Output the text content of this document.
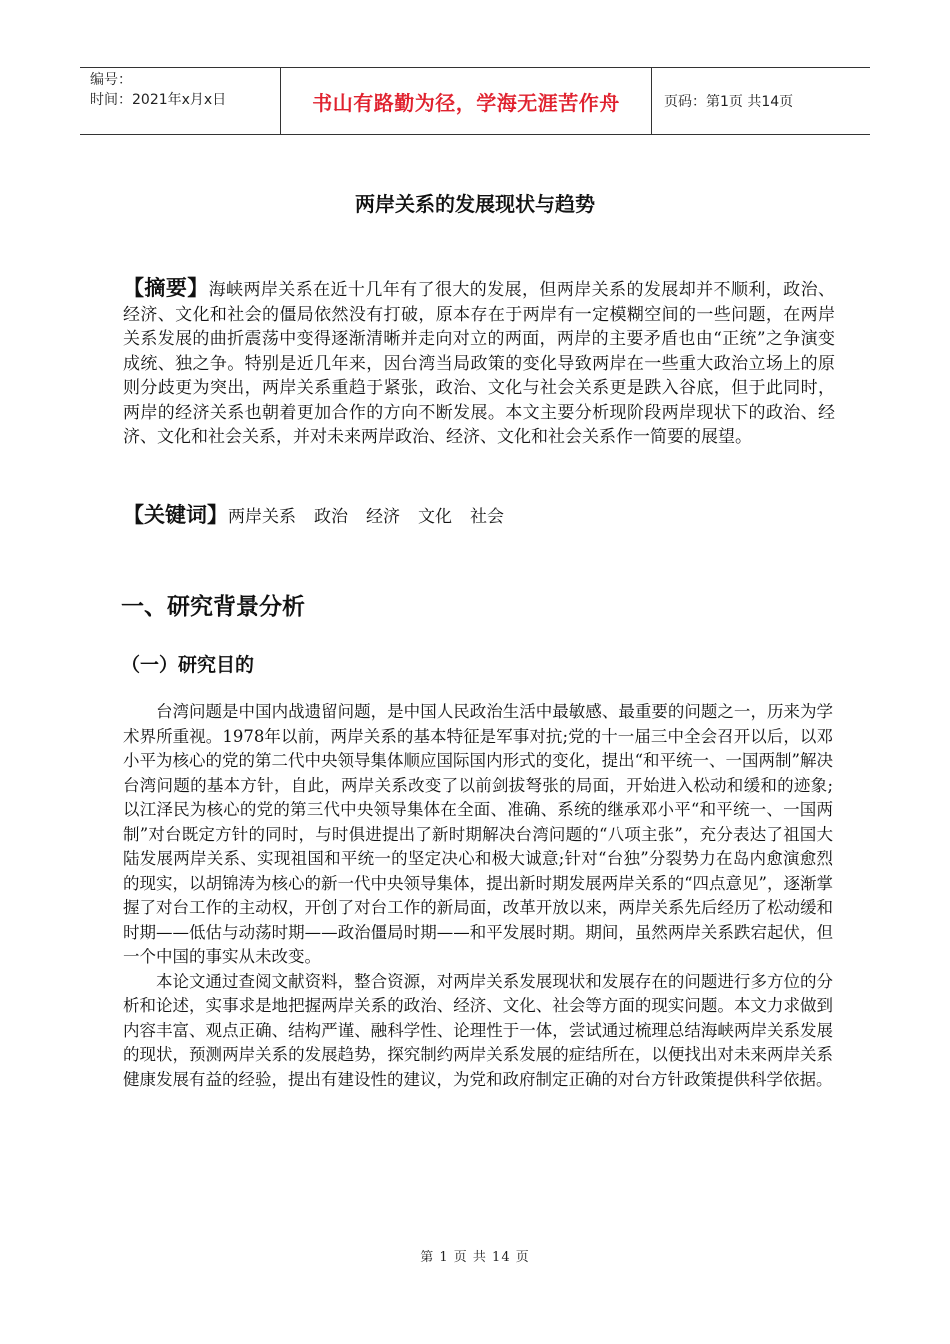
编号：
时间：2021年x月x日	书山有路勤为径，学海无涯苦作舟	页码：第1页 共14页
两岸关系的发展现状与趋势
【摘要】海峡两岸关系在近十几年有了很大的发展，但两岸关系的发展却并不顺利，政治、经济、文化和社会的僵局依然没有打破，原本存在于两岸有一定模糊空间的一些问题，在两岸关系发展的曲折震荡中变得逐渐清晰并走向对立的两面，两岸的主要矛盾也由“正统”之争演变成统、独之争。特别是近几年来，因台湾当局政策的变化导致两岸在一些重大政治立场上的原则分歧更为突出，两岸关系重趋于紧张，政治、文化与社会关系更是跌入谷底，但于此同时，两岸的经济关系也朝着更加合作的方向不断发展。本文主要分析现阶段两岸现状下的政治、经济、文化和社会关系，并对未来两岸政治、经济、文化和社会关系作一简要的展望。
【关键词】两岸关系 政治 经济 文化 社会
一、研究背景分析
（一）研究目的

台湾问题是中国内战遗留问题，是中国人民政治生活中最敏感、最重要的问题之一，历来为学术界所重视。1978年以前，两岸关系的基本特征是军事对抗;党的十一届三中全会召开以后，以邓小平为核心的党的第二代中央领导集体顺应国际国内形式的变化，提出“和平统一、一国两制”解决台湾问题的基本方针，自此，两岸关系改变了以前剑拔弩张的局面，开始进入松动和缓和的迹象;以江泽民为核心的党的第三代中央领导集体在全面、准确、系统的继承邓小平“和平统一、一国两制”对台既定方针的同时，与时俱进提出了新时期解决台湾问题的“八项主张”，充分表达了祖国大陆发展两岸关系、实现祖国和平统一的坚定决心和极大诚意;针对“台独”分裂势力在岛内愈演愈烈的现实，以胡锦涛为核心的新一代中央领导集体，提出新时期发展两岸关系的“四点意见”，逐渐掌握了对台工作的主动权，开创了对台工作的新局面，改革开放以来，两岸关系先后经历了松动缓和时期——低估与动荡时期——政治僵局时期——和平发展时期。期间，虽然两岸关系跌宕起伏，但一个中国的事实从未改变。

本论文通过查阅文献资料，整合资源，对两岸关系发展现状和发展存在的问题进行多方位的分析和论述，实事求是地把握两岸关系的政治、经济、文化、社会等方面的现实问题。本文力求做到内容丰富、观点正确、结构严谨、融科学性、论理性于一体，尝试通过梳理总结海峡两岸关系发展的现状，预测两岸关系的发展趋势，探究制约两岸关系发展的症结所在，以便找出对未来两岸关系健康发展有益的经验，提出有建设性的建议，为党和政府制定正确的对台方针政策提供科学依据。

第 1 页 共 14 页
